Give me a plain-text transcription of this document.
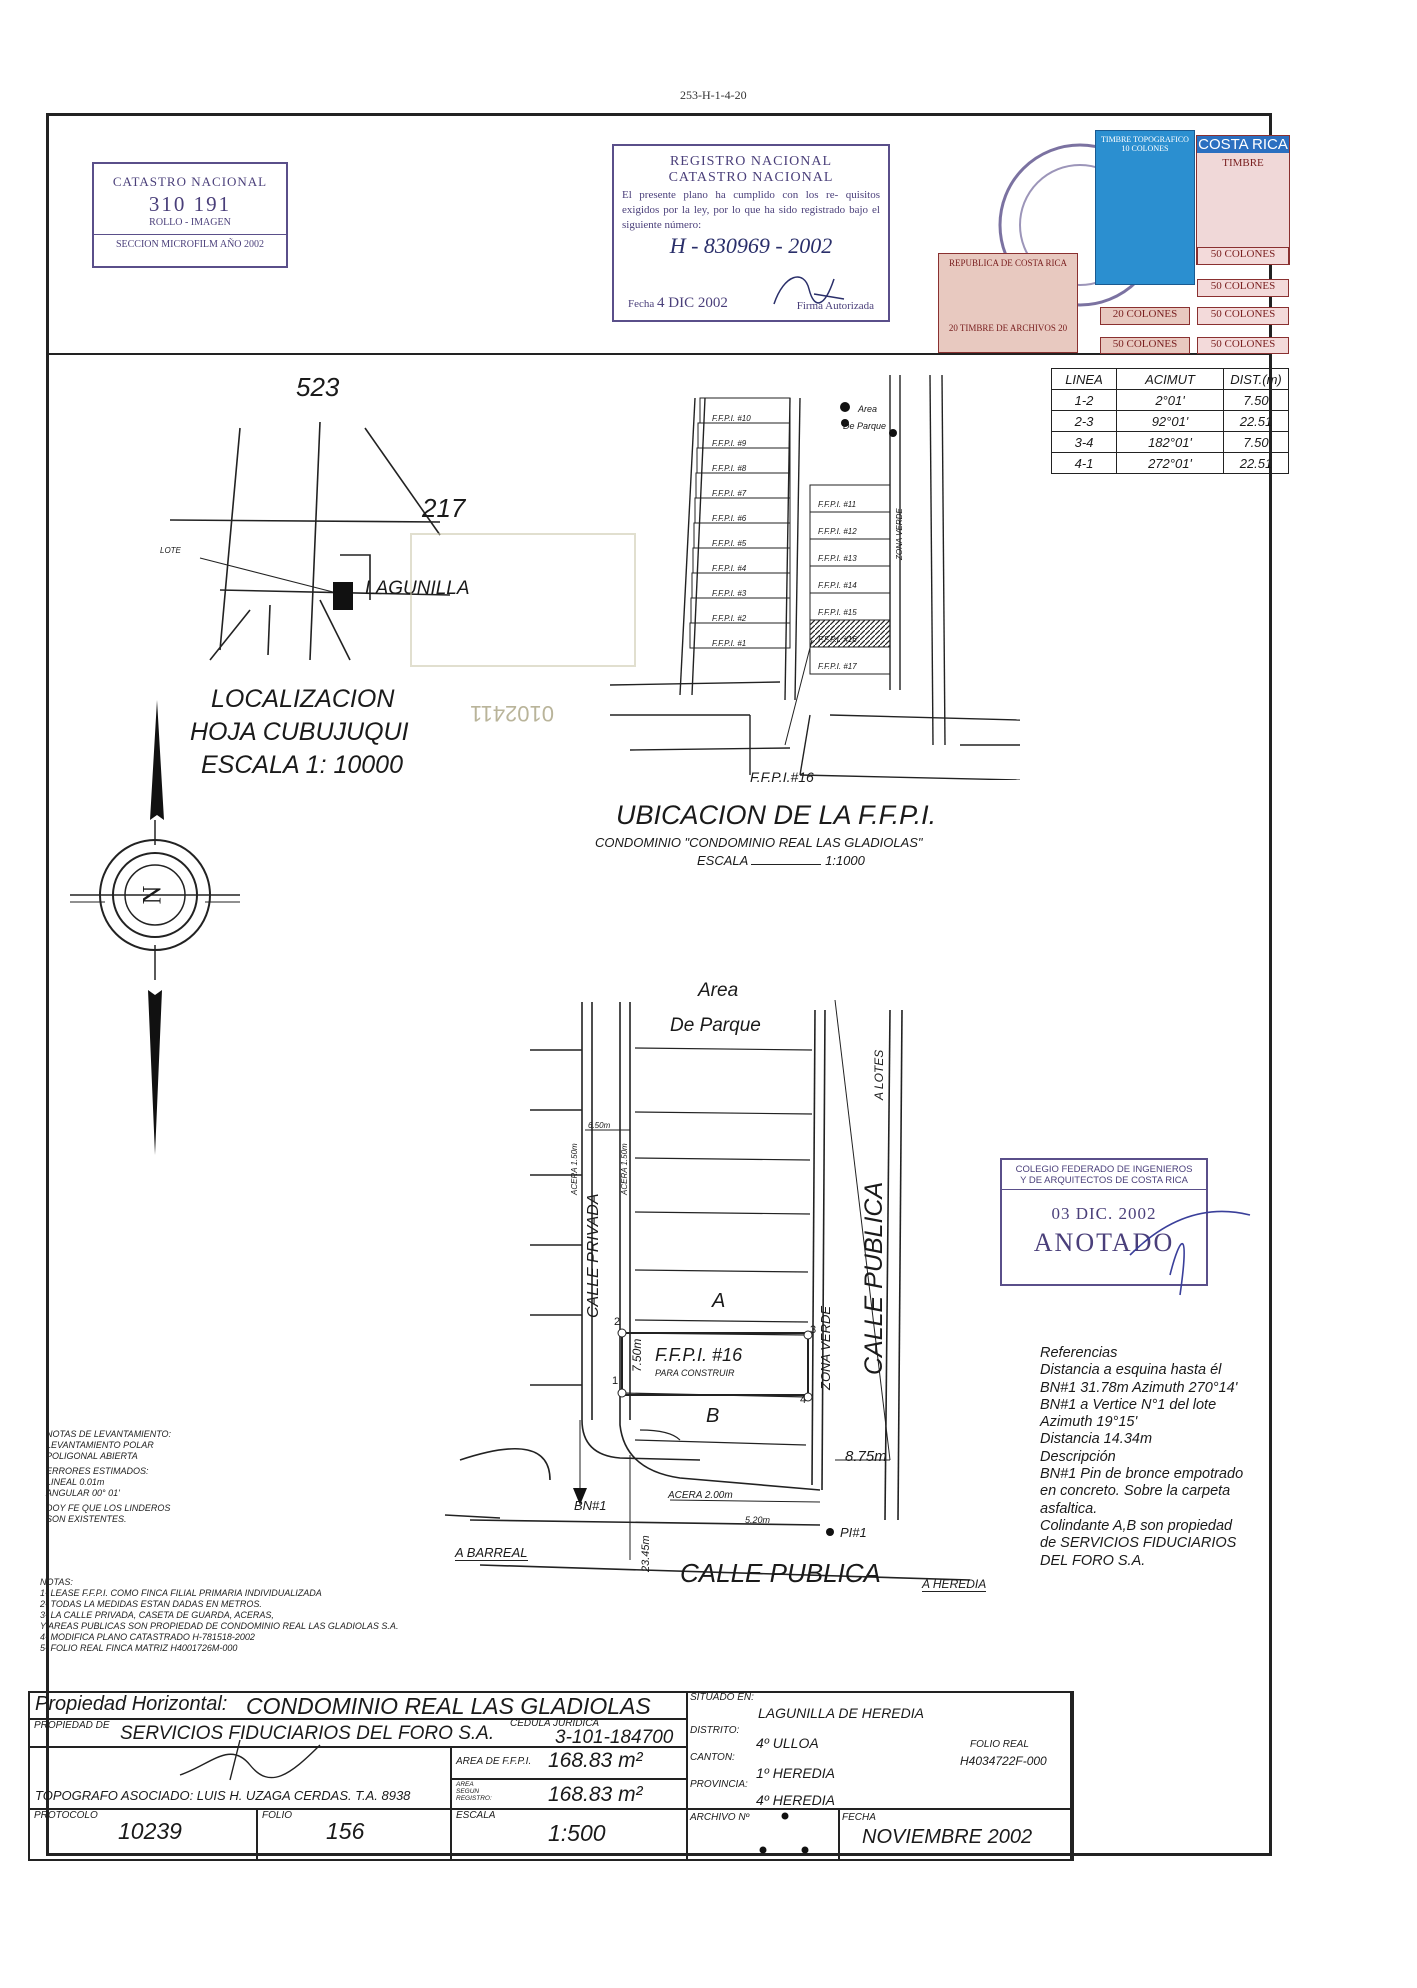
253-H-1-4-20
CATASTRO NACIONAL
310 191
ROLLO - IMAGEN
SECCION MICROFILM AÑO 2002
REGISTRO NACIONAL
CATASTRO NACIONAL
El presente plano ha cumplido con los re- quisitos exigidos por la ley, por lo que ha sido registrado bajo el siguiente número:
H - 830969 - 2002
Fecha 4 DIC 2002	Firma Autorizada
REPUBLICA DE COSTA RICA
20 TIMBRE DE ARCHIVOS 20
TIMBRE TOPOGRAFICO 10 COLONES	COSTA RICA
TIMBRE
50 COLONES
50 COLONES
20 COLONES	50 COLONES
50 COLONES	50 COLONES
LINEA	ACIMUT	DIST.(m)
1-2	2°01'	7.50
2-3	92°01'	22.51
3-4	182°01'	7.50
4-1	272°01'	22.51
523
217
LOTE
LAGUNILLA
LOCALIZACION
HOJA CUBUJUQUI
ESCALA 1: 10000
0102411
F.F.P.I. #10
F.F.P.I. #9
F.F.P.I. #8
F.F.P.I. #7
F.F.P.I. #6
F.F.P.I. #5
F.F.P.I. #4
F.F.P.I. #3
F.F.P.I. #2
F.F.P.I. #1
F.F.P.I. #11
F.F.P.I. #12
F.F.P.I. #13
F.F.P.I. #14
F.F.P.I. #15
F.F.P.I. #16
F.F.P.I. #17
Area
De Parque
ZONA VERDE
F.F.P.I.#16
UBICACION DE LA F.F.P.I.
CONDOMINIO "CONDOMINIO REAL LAS GLADIOLAS"
ESCALA	1:1000
N
Area
De Parque
A LOTES
CALLE PRIVADA
ACERA 1.50m	ACERA 1.50m
6.50m
CALLE PUBLICA
ZONA VERDE
A
B
F.F.P.I. #16
PARA CONSTRUIR
7.50m
8.75m
ACERA 2.00m
5.20m
23.45m
BN#1
PI#1
A BARREAL
CALLE PUBLICA	A HEREDIA
1
2
3
4
COLEGIO FEDERADO DE INGENIEROS
Y DE ARQUITECTOS DE COSTA RICA
03 DIC. 2002
ANOTADO
Referencias
Distancia a esquina hasta él
BN#1 31.78m Azimuth 270°14'
BN#1 a Vertice N°1 del lote
Azimuth 19°15'
Distancia 14.34m
Descripción
BN#1 Pin de bronce empotrado
en concreto. Sobre la carpeta
asfaltica.
Colindante A,B son propiedad
de SERVICIOS FIDUCIARIOS
DEL FORO S.A.
NOTAS DE LEVANTAMIENTO:
LEVANTAMIENTO POLAR
POLIGONAL ABIERTA
ERRORES ESTIMADOS:
LINEAL 0.01m
ANGULAR 00° 01'
DOY FE QUE LOS LINDEROS
SON EXISTENTES.
NOTAS:
1- LEASE F.F.P.I. COMO FINCA FILIAL PRIMARIA INDIVIDUALIZADA
2- TODAS LA MEDIDAS ESTAN DADAS EN METROS.
3- LA CALLE PRIVADA, CASETA DE GUARDA, ACERAS,
Y AREAS PUBLICAS SON PROPIEDAD DE CONDOMINIO REAL LAS GLADIOLAS S.A.
4- MODIFICA PLANO CATASTRADO H-781518-2002
5- FOLIO REAL FINCA MATRIZ H4001726M-000
Propiedad Horizontal: CONDOMINIO REAL LAS GLADIOLAS
PROPIEDAD DE SERVICIOS FIDUCIARIOS DEL FORO S.A. CEDULA JURIDICA
3-101-184700
AREA DE F.F.P.I. 168.83 m²
AREA SEGUN REGISTRO:	168.83 m²
TOPOGRAFO ASOCIADO: LUIS H. UZAGA CERDAS. T.A. 8938
PROTOCOLO
10239
FOLIO
156
ESCALA
1:500
SITUADO EN:
LAGUNILLA DE HEREDIA
DISTRITO:
4º ULLOA	FOLIO REAL
H4034722F-000
CANTON:
1º HEREDIA
PROVINCIA:
4º HEREDIA
ARCHIVO Nº	FECHA
NOVIEMBRE 2002
